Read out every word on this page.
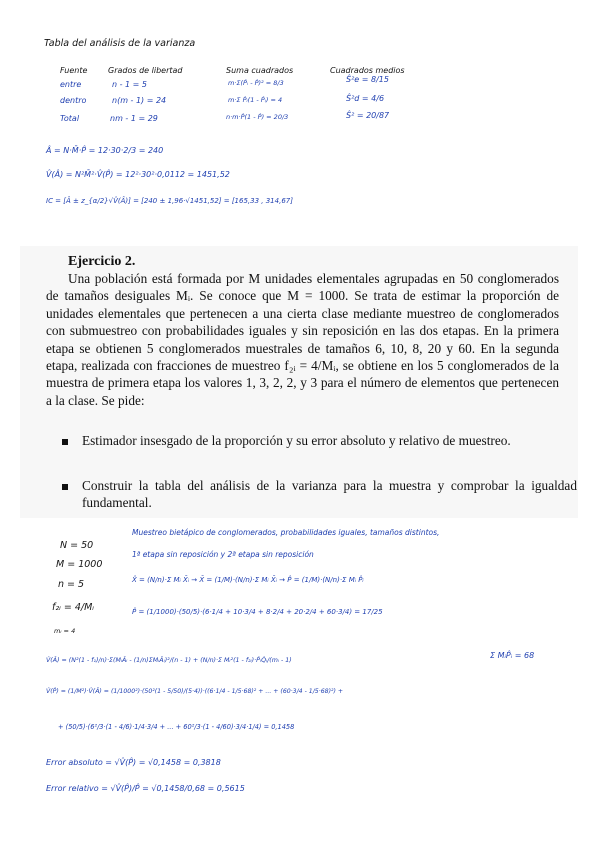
Tabla del análisis de la varianza
Fuente	Grados de libertad	Suma cuadrados	Cuadrados medios
entre	n - 1 = 5	m·Σ(P̂ᵢ - P̂)² = 8/3	Ŝ²e = 8/15
dentro	n(m - 1) = 24	m·Σ P̂ᵢ(1 - P̂ᵢ) = 4	Ŝ²d = 4/6
Total	nm - 1 = 29	n·m·P̂(1 - P̂) = 20/3	Ŝ² = 20/87
Â = N·M̄·P̂ = 12·30·2/3 = 240
V̂(Â) = N²M̄²·V̂(P̂) = 12²·30²·0,0112 = 1451,52
IC = [Â ± z_{α/2}√V̂(Â)] = [240 ± 1,96·√1451,52] = [165,33 , 314,67]
Ejercicio 2.

Una población está formada por M unidades elementales agrupadas en 50 conglomerados de tamaños desiguales Mᵢ. Se conoce que M = 1000. Se trata de estimar la proporción de unidades elementales que pertenecen a una cierta clase mediante muestreo de conglomerados con submuestreo con probabilidades iguales y sin reposición en las dos etapas. En la primera etapa se obtienen 5 conglomerados muestrales de tamaños 6, 10, 8, 20 y 60. En la segunda etapa, realizada con fracciones de muestreo f₂ᵢ = 4/Mᵢ, se obtiene en los 5 conglomerados de la muestra de primera etapa los valores 1, 3, 2, 2, y 3 para el número de elementos que pertenecen a la clase. Se pide:

Estimador insesgado de la proporción y su error absoluto y relativo de muestreo.
Construir la tabla del análisis de la varianza para la muestra y comprobar la igualdad fundamental.
N = 50
M = 1000
n = 5
f₂ᵢ = 4/Mᵢ
mᵢ = 4
Muestreo bietápico de conglomerados, probabilidades iguales, tamaños distintos,
1ª etapa sin reposición y 2ª etapa sin reposición
X̂ = (N/n)·Σ Mᵢ X̄ᵢ → X̄ = (1/M)·(N/n)·Σ Mᵢ X̄ᵢ → P̂ = (1/M)·(N/n)·Σ Mᵢ P̂ᵢ
P̂ = (1/1000)·(50/5)·(6·1/4 + 10·3/4 + 8·2/4 + 20·2/4 + 60·3/4) = 17/25
Σ MᵢP̂ᵢ = 68
V̂(Â) = (N²(1 - f₁)/n)·Σ(MᵢÂᵢ - (1/n)ΣMᵢÂᵢ)²/(n - 1) + (N/n)·Σ Mᵢ²(1 - f₂ᵢ)·P̂ᵢQ̂ᵢ/(mᵢ - 1)
V̂(P̂) = (1/M²)·V̂(Â) = (1/1000²)·(50²(1 - 5/50)/(5·4))·((6·1/4 - 1/5·68)² + ... + (60·3/4 - 1/5·68)²) +
+ (50/5)·(6²/3·(1 - 4/6)·1/4·3/4 + ... + 60²/3·(1 - 4/60)·3/4·1/4) = 0,1458
Error absoluto = √V̂(P̂) = √0,1458 = 0,3818
Error relativo = √V̂(P̂)/P̂ = √0,1458/0,68 = 0,5615
